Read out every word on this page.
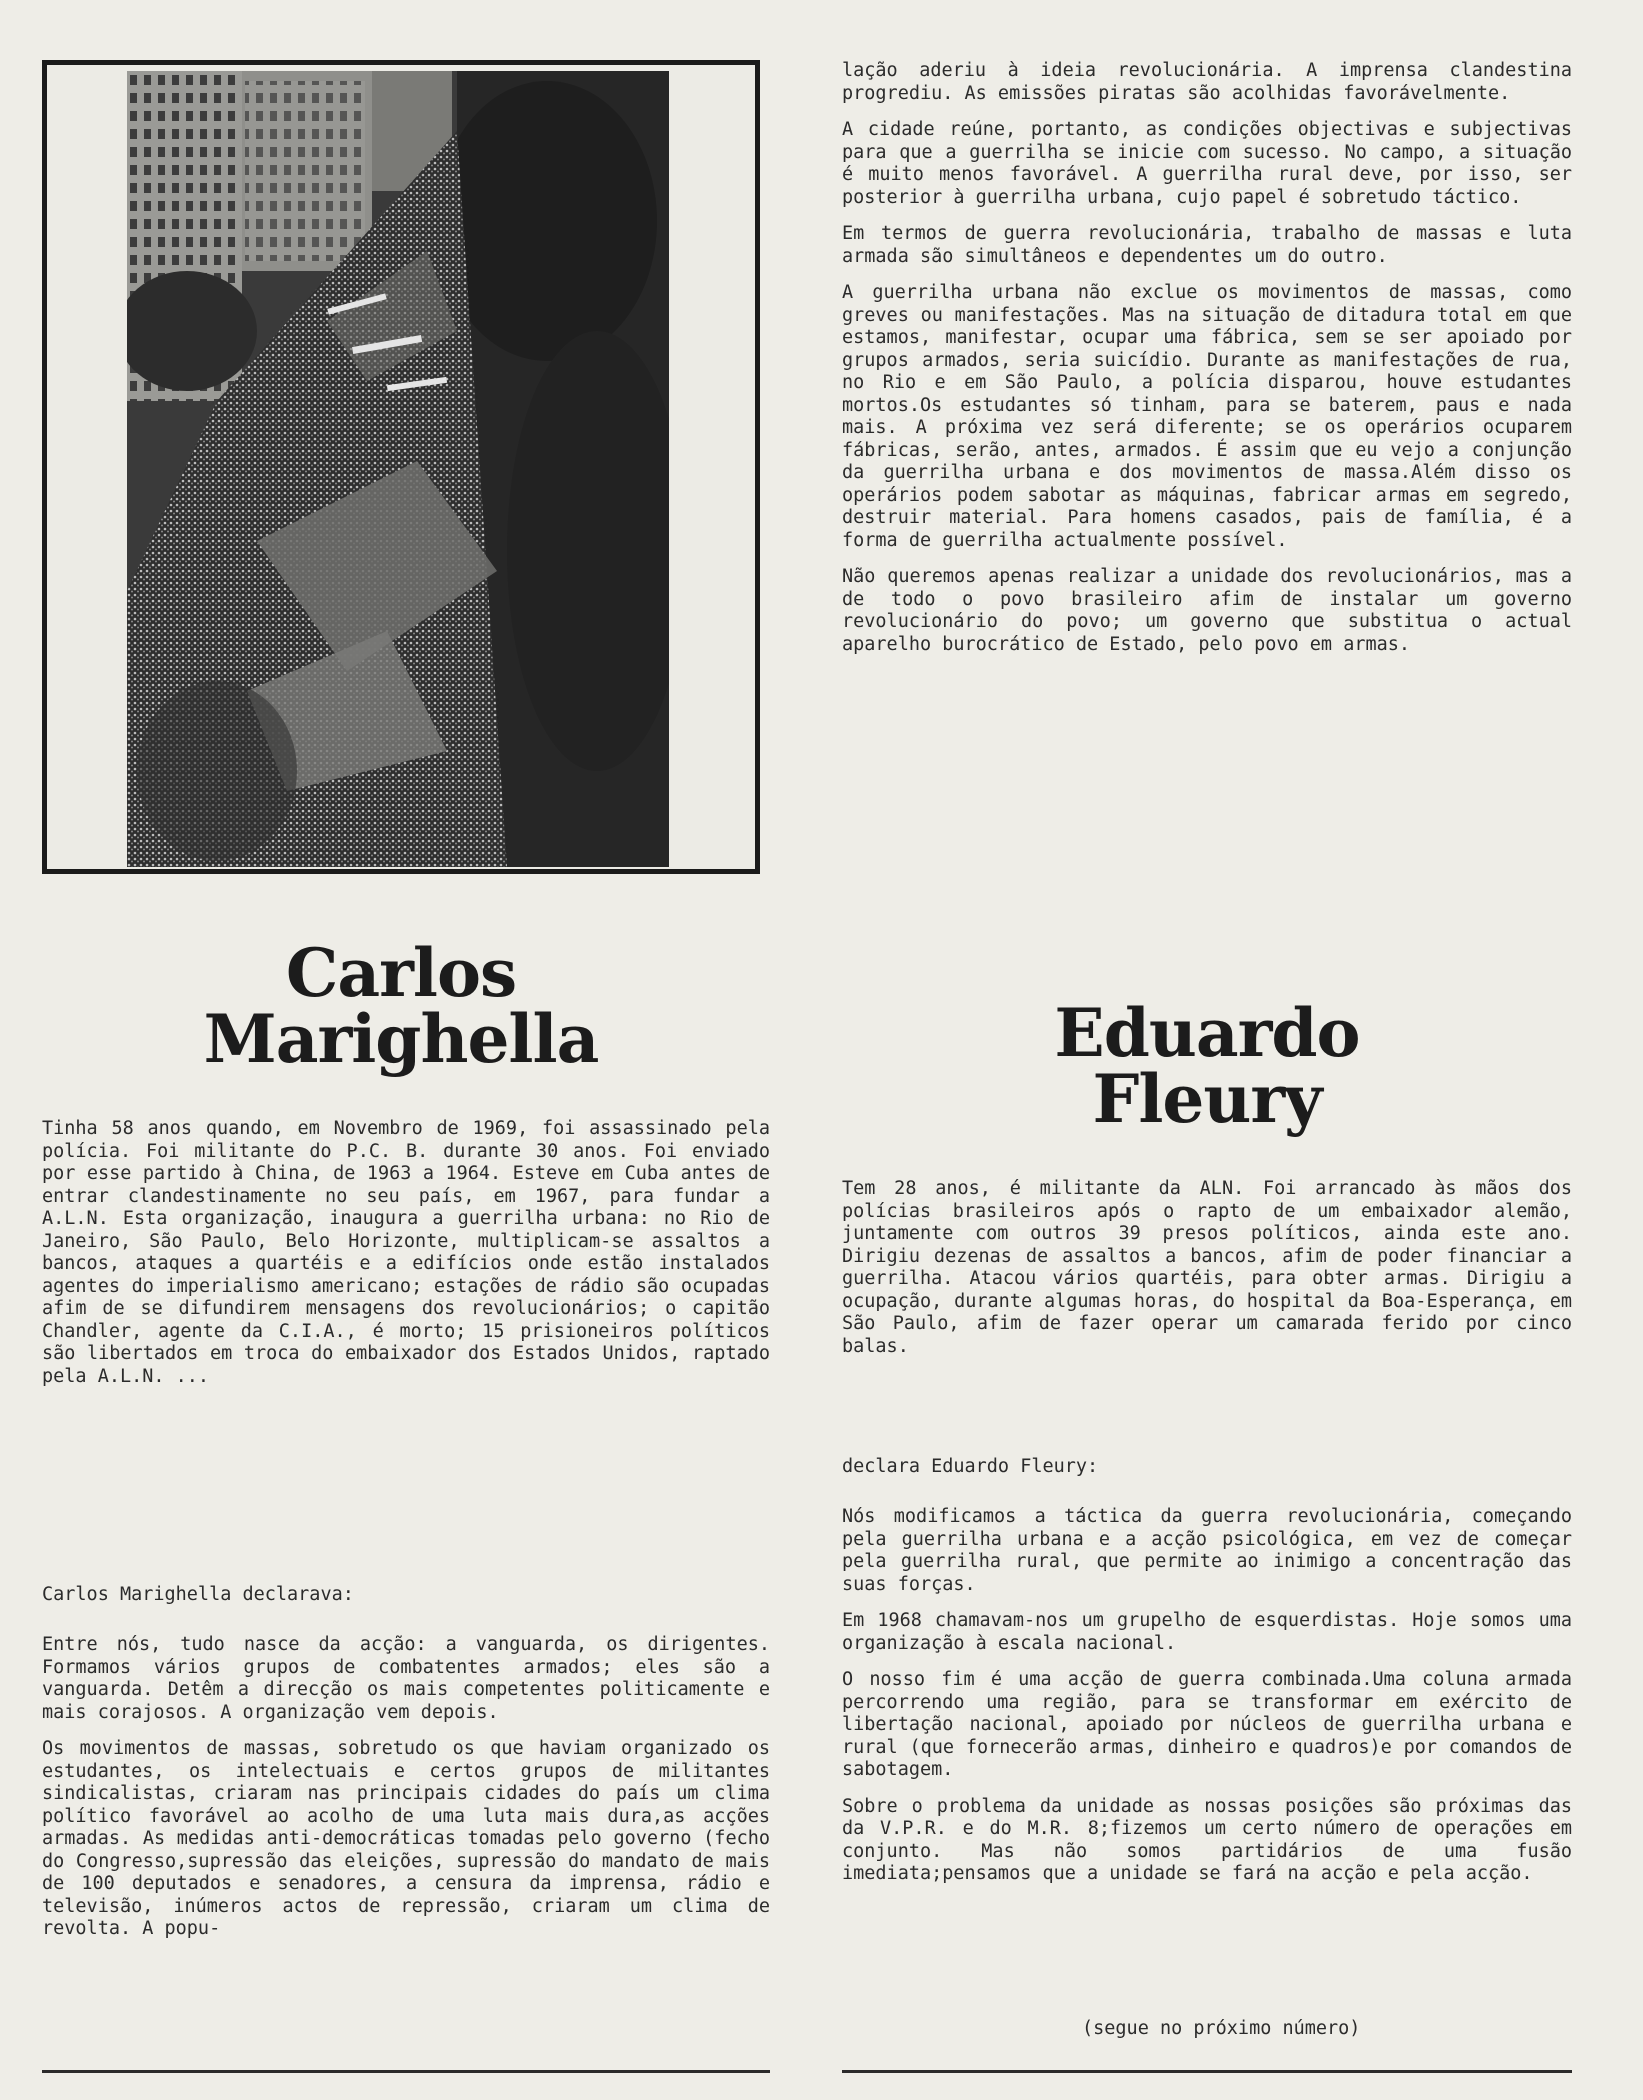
Carlos
Marighella
Tinha 58 anos quando, em Novembro de 1969, foi assassinado pela polícia. Foi militante do P.C. B. durante 30 anos. Foi enviado por esse partido à China, de 1963 a 1964. Esteve em Cuba antes de entrar clandestinamente no seu país, em 1967, para fundar a A.L.N. Esta organização, inaugura a guerrilha urbana: no Rio de Janeiro, São Paulo, Belo Horizonte, multiplicam-se assaltos a bancos, ataques a quartéis e a edifícios onde estão instalados agentes do imperialismo americano; estações de rádio são ocupadas afim de se difundirem mensagens dos revolucionários; o capitão Chandler, agente da C.I.A., é morto; 15 prisioneiros políticos são libertados em troca do embaixador dos Estados Unidos, raptado pela A.L.N. ...
Carlos Marighella declarava:

Entre nós, tudo nasce da acção: a vanguarda, os dirigentes. Formamos vários grupos de combatentes armados; eles são a vanguarda. Detêm a direcção os mais competentes politicamente e mais corajosos. A organização vem depois.

Os movimentos de massas, sobretudo os que haviam organizado os estudantes, os intelectuais e certos grupos de militantes sindicalistas, criaram nas principais cidades do país um clima político favorável ao acolho de uma luta mais dura,as acções armadas. As medidas anti-democráticas tomadas pelo governo (fecho do Congresso,supressão das eleições, supressão do mandato de mais de 100 deputados e senadores, a censura da imprensa, rádio e televisão, inúmeros actos de repressão, criaram um clima de revolta. A popu-

lação aderiu à ideia revolucionária. A imprensa clandestina progrediu. As emissões piratas são acolhidas favorávelmente.

A cidade reúne, portanto, as condições objectivas e subjectivas para que a guerrilha se inicie com sucesso. No campo, a situação é muito menos favorável. A guerrilha rural deve, por isso, ser posterior à guerrilha urbana, cujo papel é sobretudo táctico.

Em termos de guerra revolucionária, trabalho de massas e luta armada são simultâneos e dependentes um do outro.

A guerrilha urbana não exclue os movimentos de massas, como greves ou manifestações. Mas na situação de ditadura total em que estamos, manifestar, ocupar uma fábrica, sem se ser apoiado por grupos armados, seria suicídio. Durante as manifestações de rua, no Rio e em São Paulo, a polícia disparou, houve estudantes mortos.Os estudantes só tinham, para se baterem, paus e nada mais. A próxima vez será diferente; se os operários ocuparem fábricas, serão, antes, armados. É assim que eu vejo a conjunção da guerrilha urbana e dos movimentos de massa.Além disso os operários podem sabotar as máquinas, fabricar armas em segredo, destruir material. Para homens casados, pais de família, é a forma de guerrilha actualmente possível.

Não queremos apenas realizar a unidade dos revolucionários, mas a de todo o povo brasileiro afim de instalar um governo revolucionário do povo; um governo que substitua o actual aparelho burocrático de Estado, pelo povo em armas.

Eduardo
Fleury
Tem 28 anos, é militante da ALN. Foi arrancado às mãos dos polícias brasileiros após o rapto de um embaixador alemão, juntamente com outros 39 presos políticos, ainda este ano. Dirigiu dezenas de assaltos a bancos, afim de poder financiar a guerrilha. Atacou vários quartéis, para obter armas. Dirigiu a ocupação, durante algumas horas, do hospital da Boa-Esperança, em São Paulo, afim de fazer operar um camarada ferido por cinco balas.
declara Eduardo Fleury:

Nós modificamos a táctica da guerra revolucionária, começando pela guerrilha urbana e a acção psicológica, em vez de começar pela guerrilha rural, que permite ao inimigo a concentração das suas forças.

Em 1968 chamavam-nos um grupelho de esquerdistas. Hoje somos uma organização à escala nacional.

O nosso fim é uma acção de guerra combinada.Uma coluna armada percorrendo uma região, para se transformar em exército de libertação nacional, apoiado por núcleos de guerrilha urbana e rural (que fornecerão armas, dinheiro e quadros)e por comandos de sabotagem.

Sobre o problema da unidade as nossas posições são próximas das da V.P.R. e do M.R. 8;fizemos um certo número de operações em conjunto. Mas não somos partidários de uma fusão imediata;pensamos que a unidade se fará na acção e pela acção.

(segue no próximo número)
